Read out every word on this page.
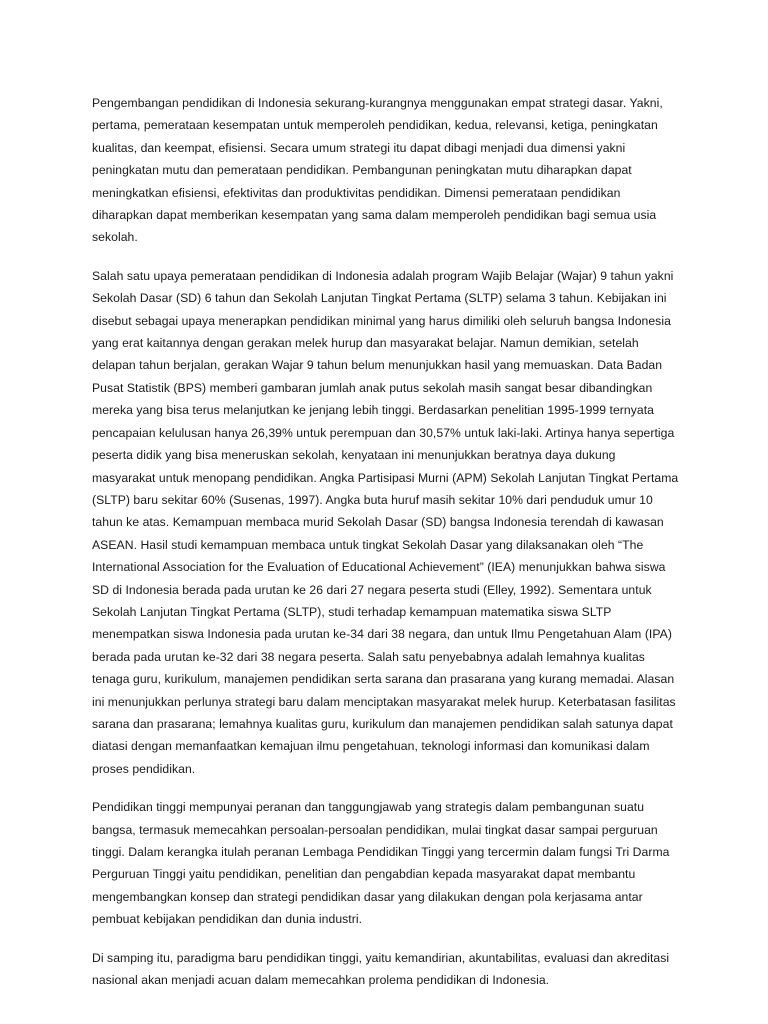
Pengembangan pendidikan di Indonesia sekurang-kurangnya menggunakan empat strategi dasar. Yakni, pertama, pemerataan kesempatan untuk memperoleh pendidikan, kedua, relevansi, ketiga, peningkatan kualitas, dan keempat, efisiensi. Secara umum strategi itu dapat dibagi menjadi dua dimensi yakni peningkatan mutu dan pemerataan pendidikan. Pembangunan peningkatan mutu diharapkan dapat meningkatkan efisiensi, efektivitas dan produktivitas pendidikan. Dimensi pemerataan pendidikan diharapkan dapat memberikan kesempatan yang sama dalam memperoleh pendidikan bagi semua usia sekolah.

Salah satu upaya pemerataan pendidikan di Indonesia adalah program Wajib Belajar (Wajar) 9 tahun yakni Sekolah Dasar (SD) 6 tahun dan Sekolah Lanjutan Tingkat Pertama (SLTP) selama 3 tahun. Kebijakan ini disebut sebagai upaya menerapkan pendidikan minimal yang harus dimiliki oleh seluruh bangsa Indonesia yang erat kaitannya dengan gerakan melek hurup dan masyarakat belajar. Namun demikian, setelah delapan tahun berjalan, gerakan Wajar 9 tahun belum menunjukkan hasil yang memuaskan. Data Badan Pusat Statistik (BPS) memberi gambaran jumlah anak putus sekolah masih sangat besar dibandingkan mereka yang bisa terus melanjutkan ke jenjang lebih tinggi. Berdasarkan penelitian 1995-1999 ternyata pencapaian kelulusan hanya 26,39% untuk perempuan dan 30,57% untuk laki-laki. Artinya hanya sepertiga peserta didik yang bisa meneruskan sekolah, kenyataan ini menunjukkan beratnya daya dukung masyarakat untuk menopang pendidikan. Angka Partisipasi Murni (APM) Sekolah Lanjutan Tingkat Pertama (SLTP) baru sekitar 60% (Susenas, 1997). Angka buta huruf masih sekitar 10% dari penduduk umur 10 tahun ke atas. Kemampuan membaca murid Sekolah Dasar (SD) bangsa Indonesia terendah di kawasan ASEAN. Hasil studi kemampuan membaca untuk tingkat Sekolah Dasar yang dilaksanakan oleh “The International Association for the Evaluation of Educational Achievement” (IEA) menunjukkan bahwa siswa SD di Indonesia berada pada urutan ke 26 dari 27 negara peserta studi (Elley, 1992). Sementara untuk Sekolah Lanjutan Tingkat Pertama (SLTP), studi terhadap kemampuan matematika siswa SLTP menempatkan siswa Indonesia pada urutan ke-34 dari 38 negara, dan untuk Ilmu Pengetahuan Alam (IPA) berada pada urutan ke-32 dari 38 negara peserta. Salah satu penyebabnya adalah lemahnya kualitas tenaga guru, kurikulum, manajemen pendidikan serta sarana dan prasarana yang kurang memadai. Alasan ini menunjukkan perlunya strategi baru dalam menciptakan masyarakat melek hurup. Keterbatasan fasilitas sarana dan prasarana; lemahnya kualitas guru, kurikulum dan manajemen pendidikan salah satunya dapat diatasi dengan memanfaatkan kemajuan ilmu pengetahuan, teknologi informasi dan komunikasi dalam proses pendidikan.

Pendidikan tinggi mempunyai peranan dan tanggungjawab yang strategis dalam pembangunan suatu bangsa, termasuk memecahkan persoalan-persoalan pendidikan, mulai tingkat dasar sampai perguruan tinggi. Dalam kerangka itulah peranan Lembaga Pendidikan Tinggi yang tercermin dalam fungsi Tri Darma Perguruan Tinggi yaitu pendidikan, penelitian dan pengabdian kepada masyarakat dapat membantu mengembangkan konsep dan strategi pendidikan dasar yang dilakukan dengan pola kerjasama antar pembuat kebijakan pendidikan dan dunia industri.

Di samping itu, paradigma baru pendidikan tinggi, yaitu kemandirian, akuntabilitas, evaluasi dan akreditasi nasional akan menjadi acuan dalam memecahkan prolema pendidikan di Indonesia.
